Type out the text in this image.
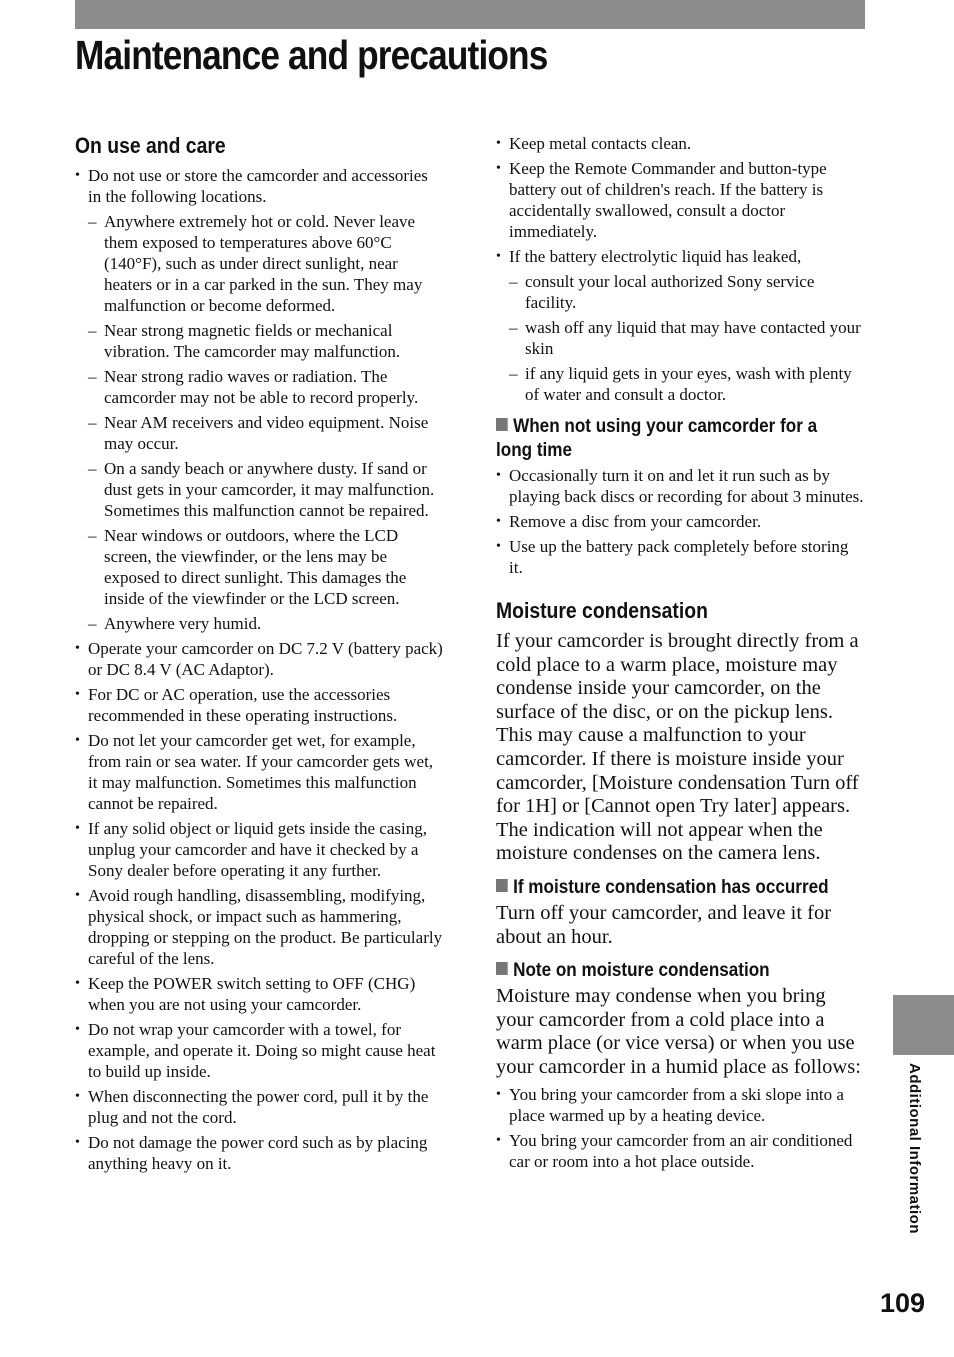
Maintenance and precautions
On use and care
• Do not use or store the camcorder and accessories in the following locations.
– Anywhere extremely hot or cold. Never leave them exposed to temperatures above 60°C (140°F), such as under direct sunlight, near heaters or in a car parked in the sun. They may malfunction or become deformed.
– Near strong magnetic fields or mechanical vibration. The camcorder may malfunction.
– Near strong radio waves or radiation. The camcorder may not be able to record properly.
– Near AM receivers and video equipment. Noise may occur.
– On a sandy beach or anywhere dusty. If sand or dust gets in your camcorder, it may malfunction. Sometimes this malfunction cannot be repaired.
– Near windows or outdoors, where the LCD screen, the viewfinder, or the lens may be exposed to direct sunlight. This damages the inside of the viewfinder or the LCD screen.
– Anywhere very humid.
• Operate your camcorder on DC 7.2 V (battery pack) or DC 8.4 V (AC Adaptor).
• For DC or AC operation, use the accessories recommended in these operating instructions.
• Do not let your camcorder get wet, for example, from rain or sea water. If your camcorder gets wet, it may malfunction. Sometimes this malfunction cannot be repaired.
• If any solid object or liquid gets inside the casing, unplug your camcorder and have it checked by a Sony dealer before operating it any further.
• Avoid rough handling, disassembling, modifying, physical shock, or impact such as hammering, dropping or stepping on the product. Be particularly careful of the lens.
• Keep the POWER switch setting to OFF (CHG) when you are not using your camcorder.
• Do not wrap your camcorder with a towel, for example, and operate it. Doing so might cause heat to build up inside.
• When disconnecting the power cord, pull it by the plug and not the cord.
• Do not damage the power cord such as by placing anything heavy on it.
• Keep metal contacts clean.
• Keep the Remote Commander and button-type battery out of children's reach. If the battery is accidentally swallowed, consult a doctor immediately.
• If the battery electrolytic liquid has leaked,
– consult your local authorized Sony service facility.
– wash off any liquid that may have contacted your skin
– if any liquid gets in your eyes, wash with plenty of water and consult a doctor.
When not using your camcorder for a long time
• Occasionally turn it on and let it run such as by playing back discs or recording for about 3 minutes.
• Remove a disc from your camcorder.
• Use up the battery pack completely before storing it.
Moisture condensation

If your camcorder is brought directly from a cold place to a warm place, moisture may condense inside your camcorder, on the surface of the disc, or on the pickup lens. This may cause a malfunction to your camcorder. If there is moisture inside your camcorder, [Moisture condensation Turn off for 1H] or [Cannot open Try later] appears.

The indication will not appear when the moisture condenses on the camera lens.

If moisture condensation has occurred

Turn off your camcorder, and leave it for about an hour.

Note on moisture condensation

Moisture may condense when you bring your camcorder from a cold place into a warm place (or vice versa) or when you use your camcorder in a humid place as follows:

• You bring your camcorder from a ski slope into a place warmed up by a heating device.
• You bring your camcorder from an air conditioned car or room into a hot place outside.	Additional Information
109
